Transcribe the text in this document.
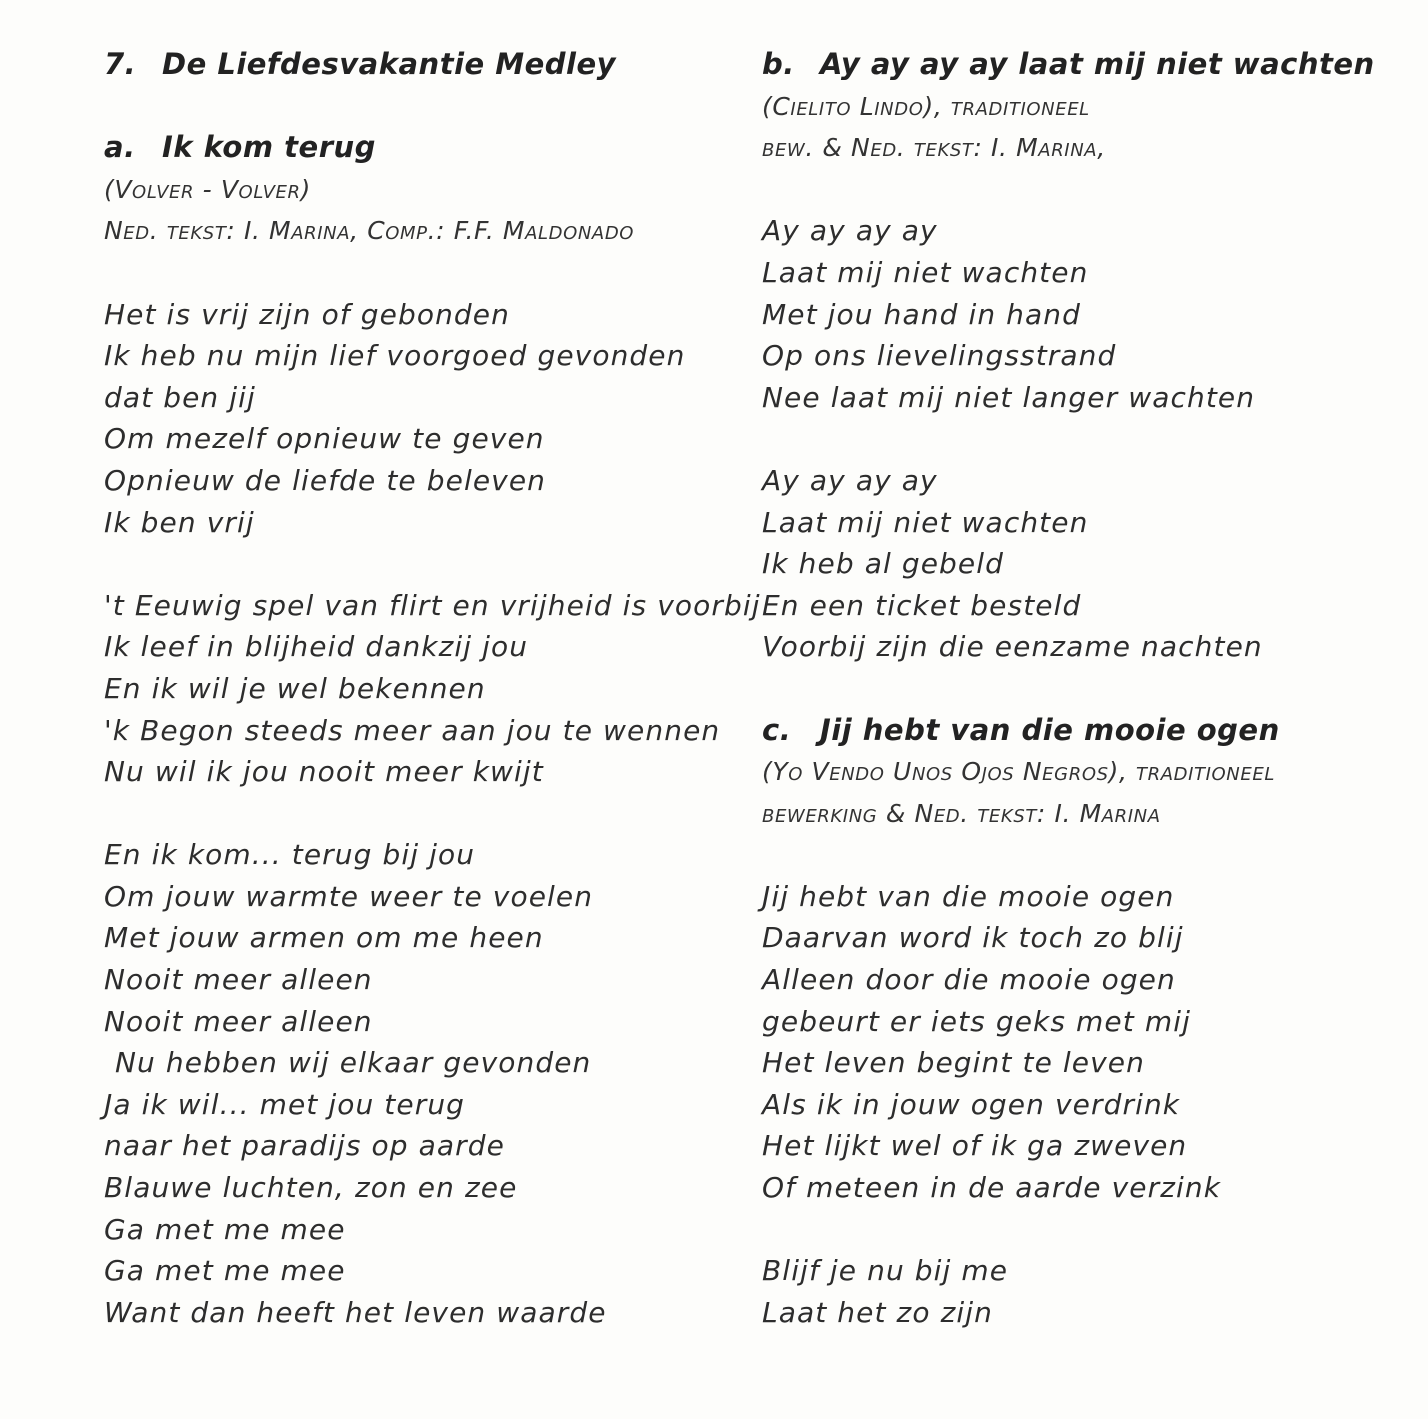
7. De Liefdesvakantie Medley
a. Ik kom terug
(Volver - Volver)
Ned. tekst: I. Marina, Comp.: F.F. Maldonado
Het is vrij zijn of gebonden
Ik heb nu mijn lief voorgoed gevonden
dat ben jij
Om mezelf opnieuw te geven
Opnieuw de liefde te beleven
Ik ben vrij
't Eeuwig spel van flirt en vrijheid is voorbij
Ik leef in blijheid dankzij jou
En ik wil je wel bekennen
'k Begon steeds meer aan jou te wennen
Nu wil ik jou nooit meer kwijt
En ik kom... terug bij jou
Om jouw warmte weer te voelen
Met jouw armen om me heen
Nooit meer alleen
Nooit meer alleen
Nu hebben wij elkaar gevonden
Ja ik wil... met jou terug
naar het paradijs op aarde
Blauwe luchten, zon en zee
Ga met me mee
Ga met me mee
Want dan heeft het leven waarde
b. Ay ay ay ay laat mij niet wachten
(Cielito Lindo), traditioneel
bew. & Ned. tekst: I. Marina,
Ay ay ay ay
Laat mij niet wachten
Met jou hand in hand
Op ons lievelingsstrand
Nee laat mij niet langer wachten
Ay ay ay ay
Laat mij niet wachten
Ik heb al gebeld
En een ticket besteld
Voorbij zijn die eenzame nachten
c. Jij hebt van die mooie ogen
(Yo Vendo Unos Ojos Negros), traditioneel
bewerking & Ned. tekst: I. Marina
Jij hebt van die mooie ogen
Daarvan word ik toch zo blij
Alleen door die mooie ogen
gebeurt er iets geks met mij
Het leven begint te leven
Als ik in jouw ogen verdrink
Het lijkt wel of ik ga zweven
Of meteen in de aarde verzink
Blijf je nu bij me
Laat het zo zijn
